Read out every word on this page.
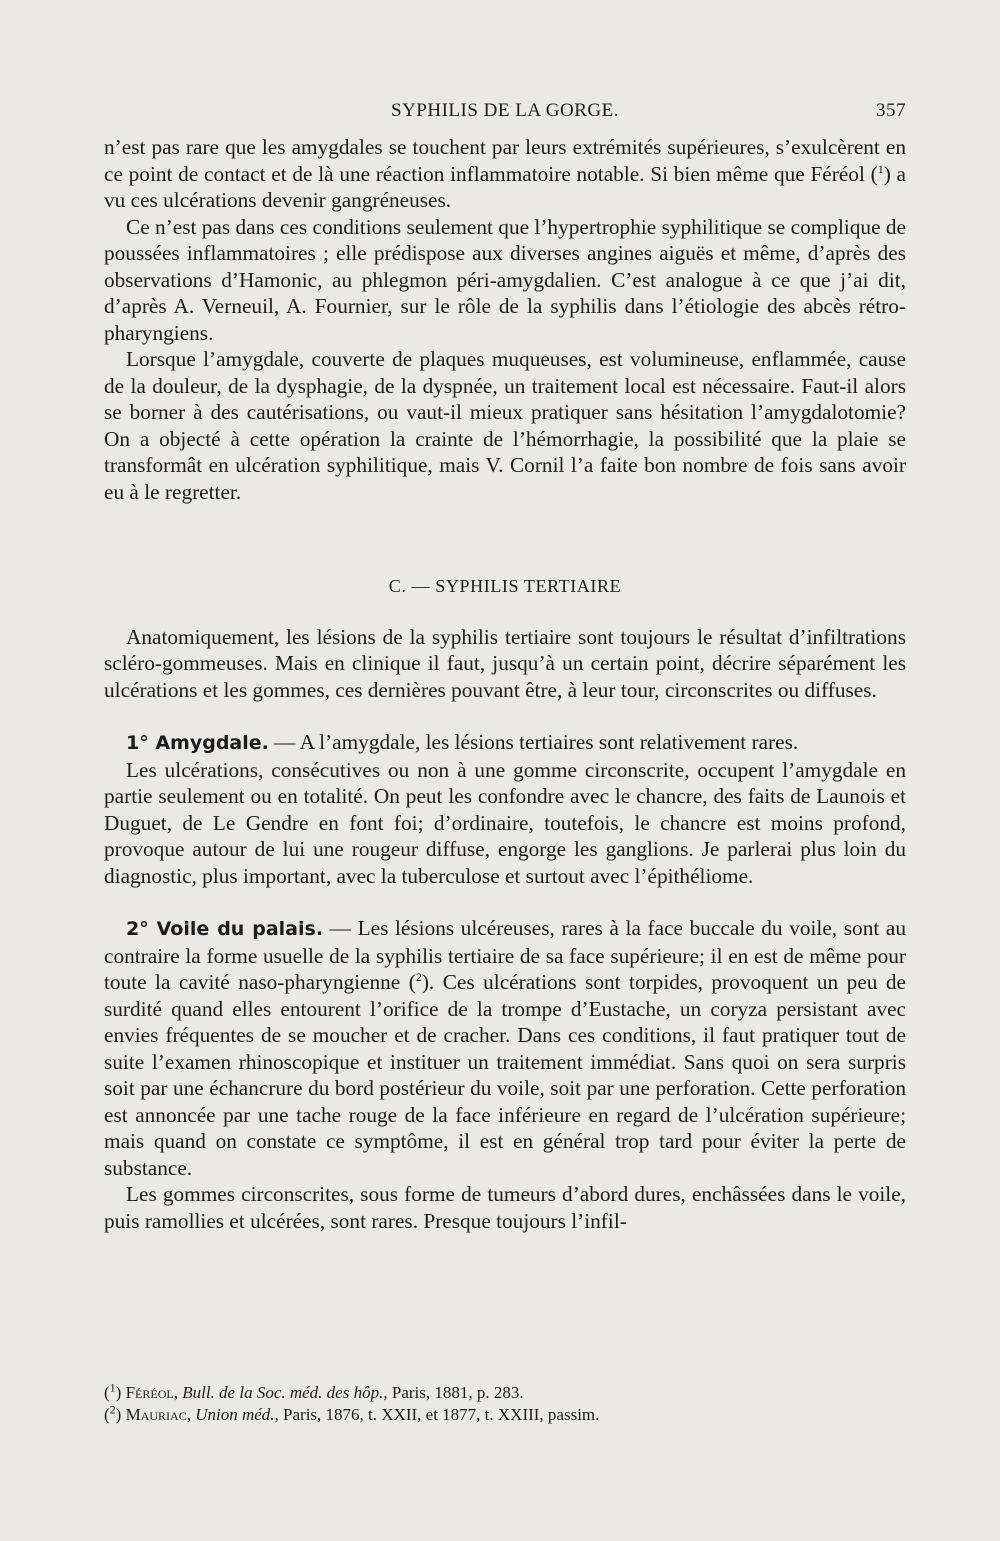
SYPHILIS DE LA GORGE.	357

n’est pas rare que les amygdales se touchent par leurs extrémités supérieures, s’exulcèrent en ce point de contact et de là une réaction inflammatoire notable. Si bien même que Féréol ($^1$) a vu ces ulcérations devenir gangréneuses.

Ce n’est pas dans ces conditions seulement que l’hypertrophie syphilitique se complique de poussées inflammatoires ; elle prédispose aux diverses angines aiguës et même, d’après des observations d’Hamonic, au phlegmon péri-amygdalien. C’est analogue à ce que j’ai dit, d’après A. Verneuil, A. Fournier, sur le rôle de la syphilis dans l’étiologie des abcès rétro-pharyngiens.

Lorsque l’amygdale, couverte de plaques muqueuses, est volumineuse, enflammée, cause de la douleur, de la dysphagie, de la dyspnée, un traitement local est nécessaire. Faut-il alors se borner à des cautérisations, ou vaut-il mieux pratiquer sans hésitation l’amygdalotomie? On a objecté à cette opération la crainte de l’hémorrhagie, la possibilité que la plaie se transformât en ulcération syphilitique, mais V. Cornil l’a faite bon nombre de fois sans avoir eu à le regretter.

C. — SYPHILIS TERTIAIRE

Anatomiquement, les lésions de la syphilis tertiaire sont toujours le résultat d’infiltrations scléro-gommeuses. Mais en clinique il faut, jusqu’à un certain point, décrire séparément les ulcérations et les gommes, ces dernières pouvant être, à leur tour, circonscrites ou diffuses.

1° Amygdale. — A l’amygdale, les lésions tertiaires sont relativement rares.

Les ulcérations, consécutives ou non à une gomme circonscrite, occupent l’amygdale en partie seulement ou en totalité. On peut les confondre avec le chancre, des faits de Launois et Duguet, de Le Gendre en font foi; d’ordinaire, toutefois, le chancre est moins profond, provoque autour de lui une rougeur diffuse, engorge les ganglions. Je parlerai plus loin du diagnostic, plus important, avec la tuberculose et surtout avec l’épithéliome.

2° Voile du palais. — Les lésions ulcéreuses, rares à la face buccale du voile, sont au contraire la forme usuelle de la syphilis tertiaire de sa face supérieure; il en est de même pour toute la cavité naso-pharyngienne ($^2$). Ces ulcérations sont torpides, provoquent un peu de surdité quand elles entourent l’orifice de la trompe d’Eustache, un coryza persistant avec envies fréquentes de se moucher et de cracher. Dans ces conditions, il faut pratiquer tout de suite l’examen rhinoscopique et instituer un traitement immédiat. Sans quoi on sera surpris soit par une échancrure du bord postérieur du voile, soit par une perforation. Cette perforation est annoncée par une tache rouge de la face inférieure en regard de l’ulcération supérieure; mais quand on constate ce symptôme, il est en général trop tard pour éviter la perte de substance.

Les gommes circonscrites, sous forme de tumeurs d’abord dures, enchâssées dans le voile, puis ramollies et ulcérées, sont rares. Presque toujours l’infil-

($^1$) Féréol, Bull. de la Soc. méd. des hôp., Paris, 1881, p. 283.
($^2$) Mauriac, Union méd., Paris, 1876, t. XXII, et 1877, t. XXIII, passim.
